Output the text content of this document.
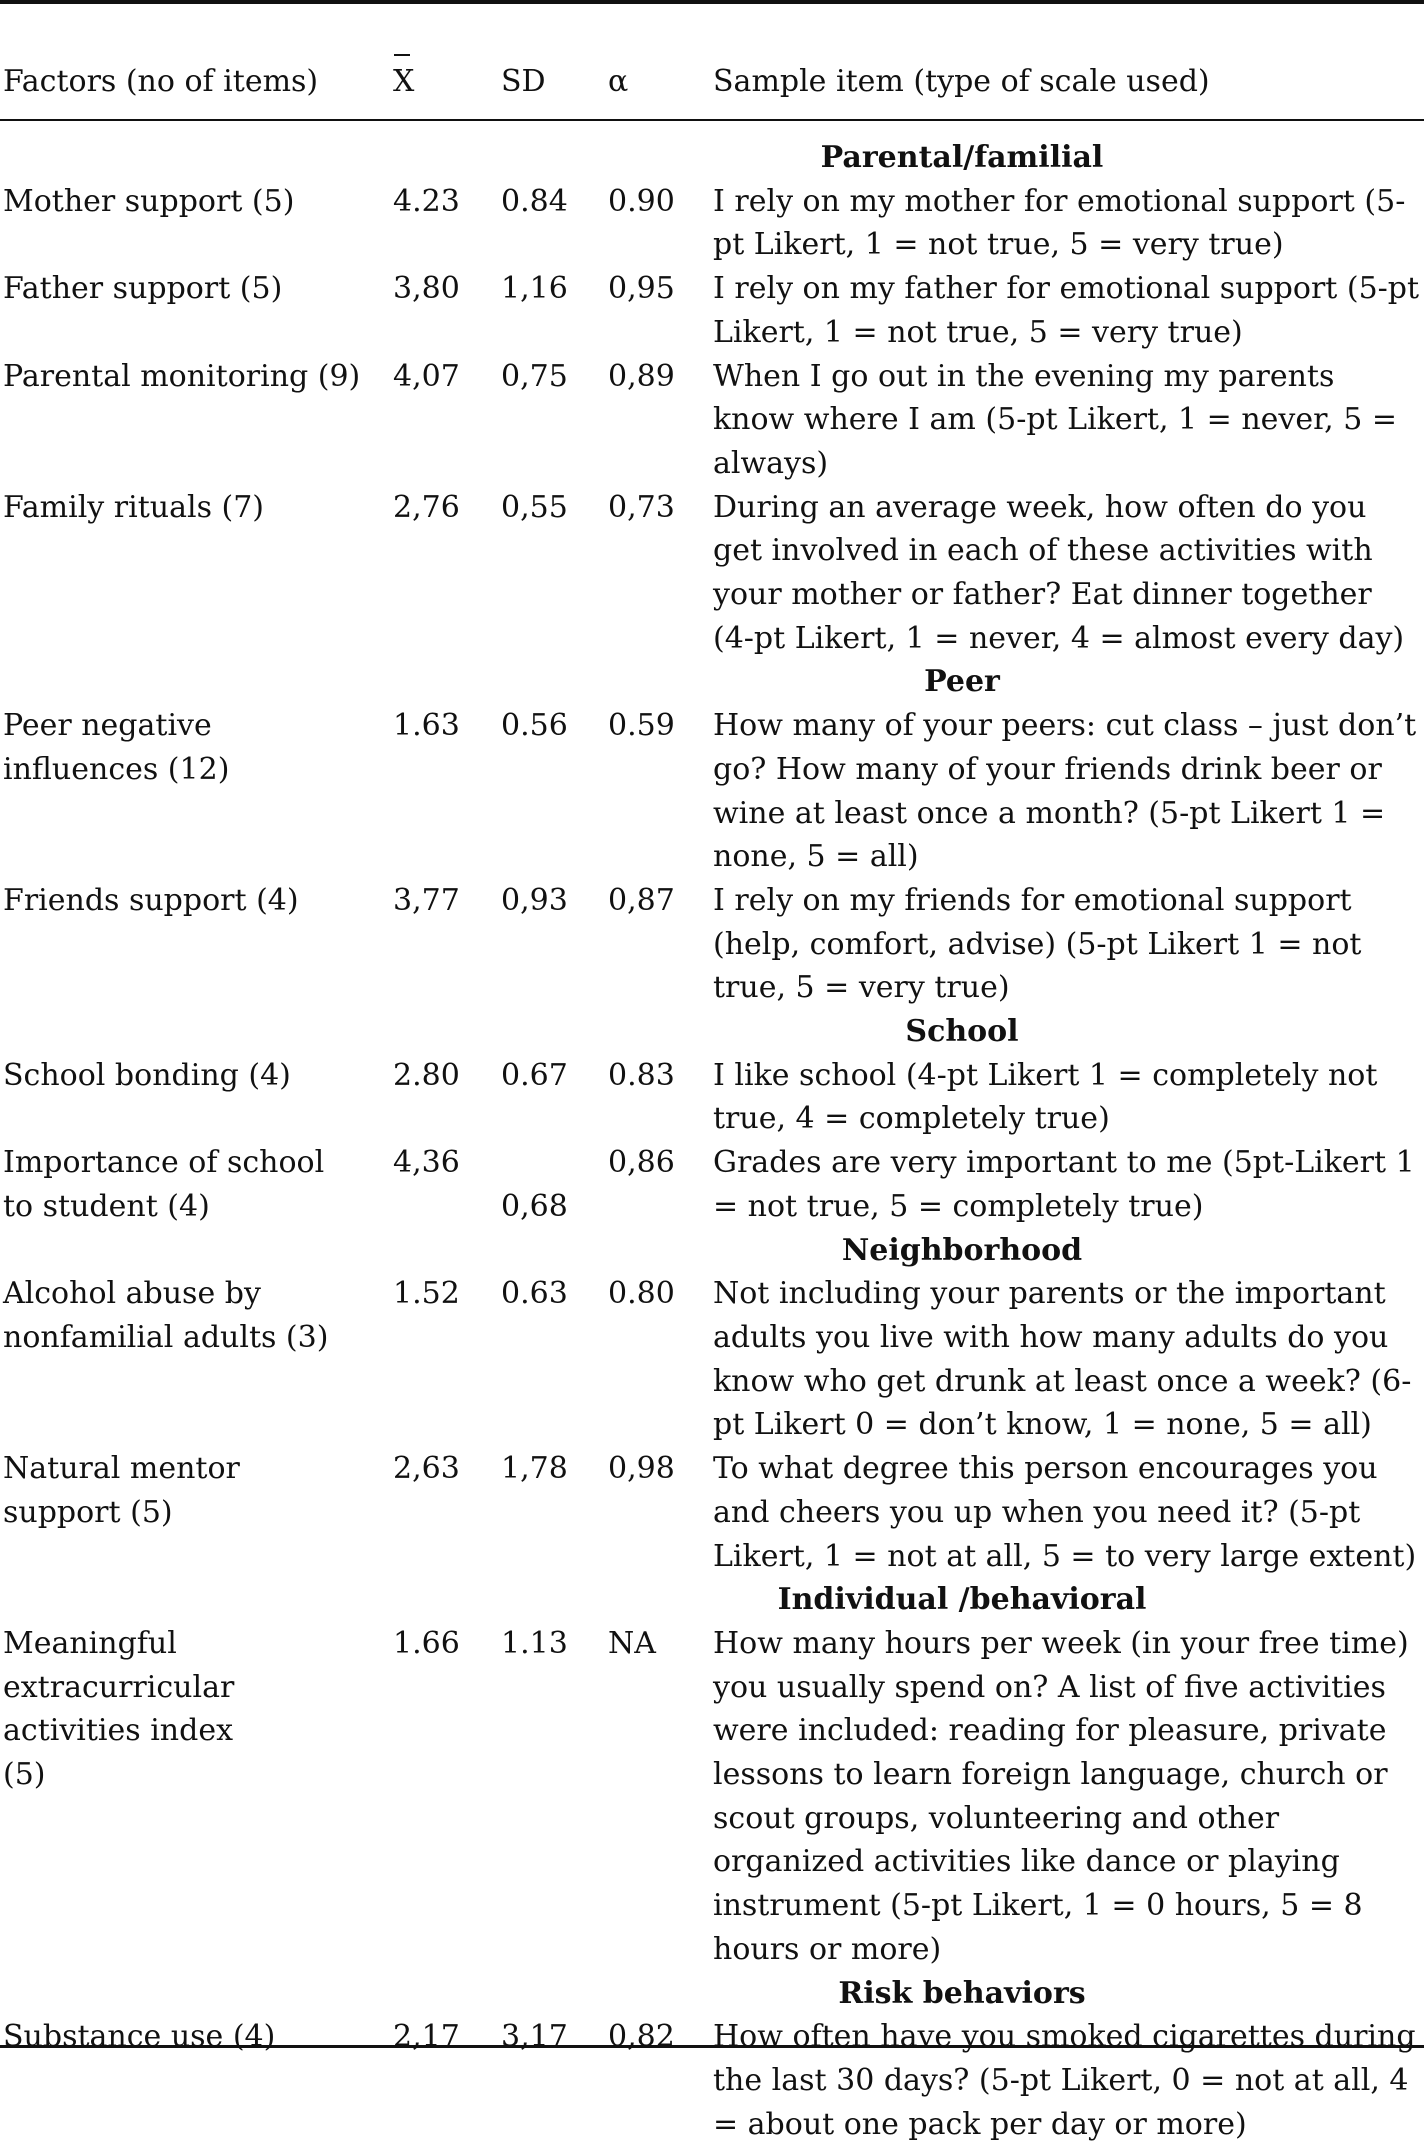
Factors (no of items)	X	SD	α	Sample item (type of scale used)
Parental/familial				
Mother support (5)	4.23	0.84	0.90	I rely on my mother for emotional support (5-pt Likert, 1 = not true, 5 = very true)
Father support (5)	3,80	1,16	0,95	I rely on my father for emotional support (5-pt Likert, 1 = not true, 5 = very true)
Parental monitoring (9)	4,07	0,75	0,89	When I go out in the evening my parents know where I am (5-pt Likert, 1 = never, 5 = always)
Family rituals (7)	2,76	0,55	0,73	During an average week, how often do you get involved in each of these activities with your mother or father? Eat dinner together (4-pt Likert, 1 = never, 4 = almost every day)
Peer				
Peer negative influences (12)	1.63	0.56	0.59	How many of your peers: cut class – just don’t go? How many of your friends drink beer or wine at least once a month? (5-pt Likert 1 = none, 5 = all)
Friends support (4)	3,77	0,93	0,87	I rely on my friends for emotional support (help, comfort, advise) (5-pt Likert 1 = not true, 5 = very true)
School				
School bonding (4)	2.80	0.67	0.83	I like school (4-pt Likert 1 = completely not true, 4 = completely true)
Importance of school to student (4)	4,36	0,68	0,86	Grades are very important to me (5pt-Likert 1 = not true, 5 = completely true)
Neighborhood				
Alcohol abuse by nonfamilial adults (3)	1.52	0.63	0.80	Not including your parents or the important adults you live with how many adults do you know who get drunk at least once a week? (6-pt Likert 0 = don’t know, 1 = none, 5 = all)
Natural mentor support (5)	2,63	1,78	0,98	To what degree this person encourages you and cheers you up when you need it? (5-pt Likert, 1 = not at all, 5 = to very large extent)
Individual /behavioral				
Meaningful extracurricular activities index (5)	1.66	1.13	NA	How many hours per week (in your free time) you usually spend on? A list of five activities were included: reading for pleasure, private lessons to learn foreign language, church or scout groups, volunteering and other organized activities like dance or playing instrument (5-pt Likert, 1 = 0 hours, 5 = 8 hours or more)
Risk behaviors				
Substance use (4)	2,17	3,17	0,82	How often have you smoked cigarettes during the last 30 days? (5-pt Likert, 0 = not at all, 4 = about one pack per day or more)
